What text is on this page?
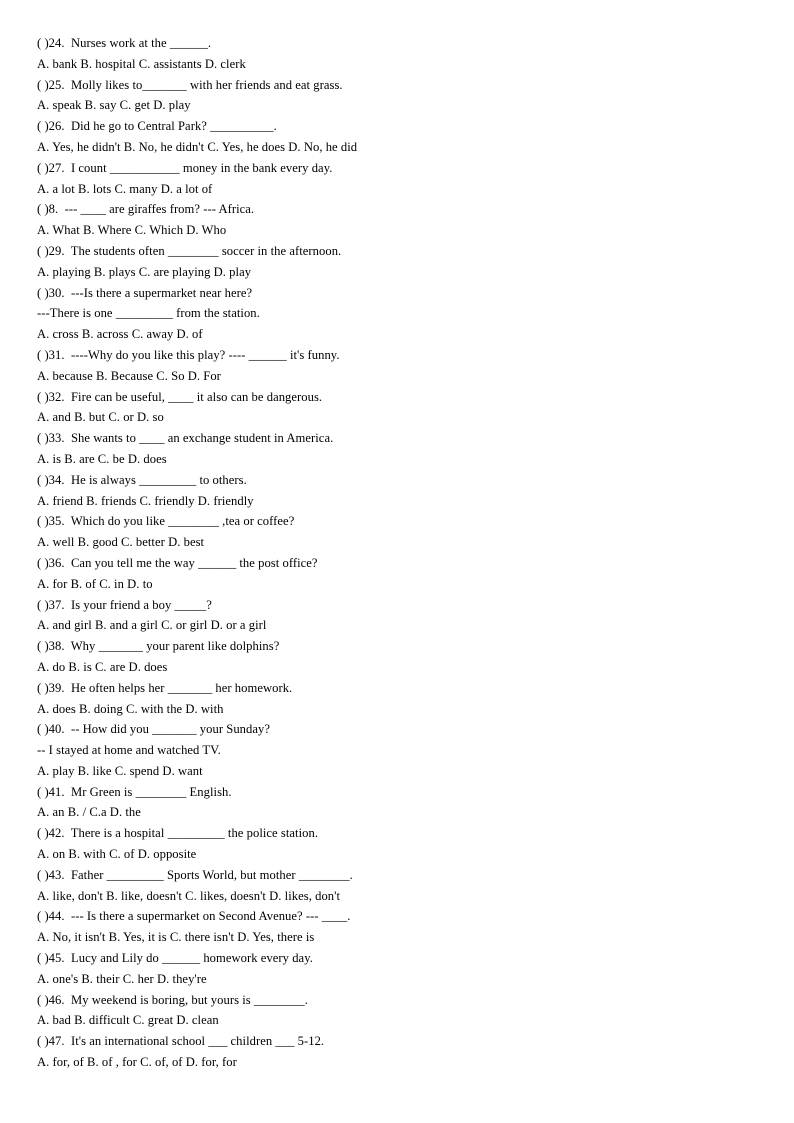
( )24.  Nurses work at the ______.
A. bank B. hospital C. assistants D. clerk
( )25.  Molly likes to_______ with her friends and eat grass.
A. speak B. say C. get D. play
( )26.  Did he go to Central Park? __________.
A. Yes, he didn't B. No, he didn't C. Yes, he does D. No, he did
( )27.  I count ___________ money in the bank every day.
A. a lot B. lots C. many D. a lot of
( )8.  --- ____ are giraffes from? --- Africa.
A. What B. Where C. Which D. Who
( )29.  The students often ________ soccer in the afternoon.
A. playing B. plays C. are playing D. play
( )30.  ---Is there a supermarket near here?
---There is one _________ from the station.
A. cross B. across C. away D. of
( )31.  ----Why do you like this play? ---- ______ it's funny.
A. because B. Because C. So D. For
( )32.  Fire can be useful, ____ it also can be dangerous.
A. and B. but C. or D. so
( )33.  She wants to ____ an exchange student in America.
A. is B. are C. be D. does
( )34.  He is always _________ to others.
A. friend B. friends C. friendly D. friendly
( )35.  Which do you like ________ ,tea or coffee?
A. well B. good C. better D. best
( )36.  Can you tell me the way ______ the post office?
A. for B. of C. in D. to
( )37.  Is your friend a boy _____?
A. and girl B. and a girl C. or girl D. or a girl
( )38.  Why _______ your parent like dolphins?
A. do B. is C. are D. does
( )39.  He often helps her _______ her homework.
A. does B. doing C. with the D. with
( )40.  -- How did you _______ your Sunday?
-- I stayed at home and watched TV.
A. play B. like C. spend D. want
( )41.  Mr Green is ________ English.
A. an B. / C.a D. the
( )42.  There is a hospital _________ the police station.
A. on B. with C. of D. opposite
( )43.  Father _________ Sports World, but mother ________.
A. like, don't B. like, doesn't C. likes, doesn't D. likes, don't
( )44.  --- Is there a supermarket on Second Avenue? --- ____.
A. No, it isn't B. Yes, it is C. there isn't D. Yes, there is
( )45.  Lucy and Lily do ______ homework every day.
A. one's B. their C. her D. they're
( )46.  My weekend is boring, but yours is ________.
A. bad B. difficult C. great D. clean
( )47.  It's an international school ___ children ___ 5-12.
A. for, of B. of , for C. of, of D. for, for
